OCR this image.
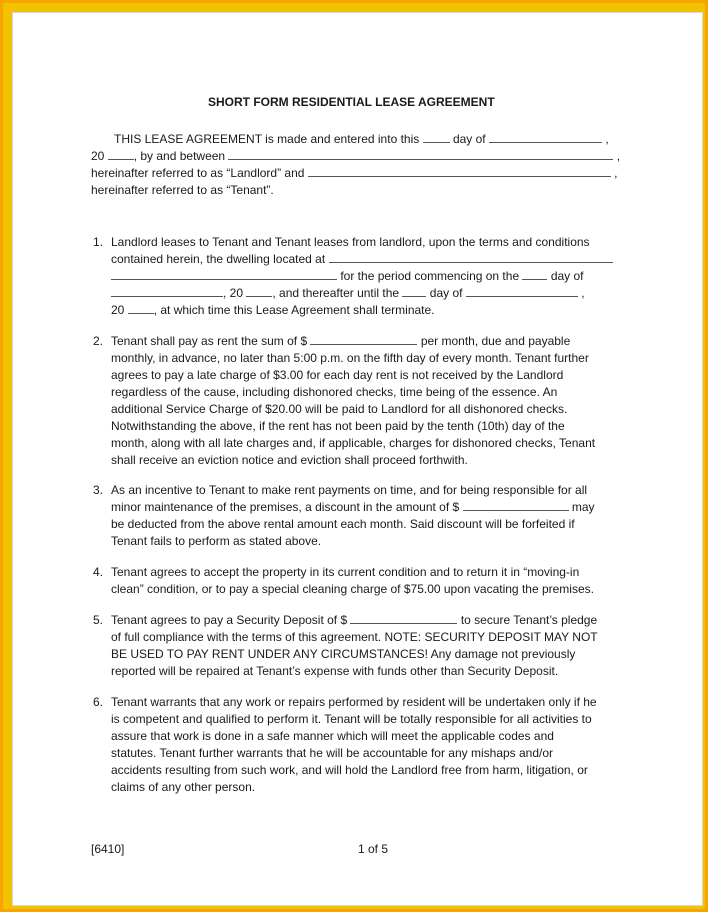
SHORT FORM RESIDENTIAL LEASE AGREEMENT
THIS LEASE AGREEMENT is made and entered into this	day of	,
20 , by and between	,
hereinafter referred to as “Landlord” and	,
hereinafter referred to as “Tenant”.
1. Landlord leases to Tenant and Tenant leases from landlord, upon the terms and conditions
contained herein, the dwelling located at
for the period commencing on the	day of
, 20 , and thereafter until the	day of	,
20 , at which time this Lease Agreement shall terminate.
2. Tenant shall pay as rent the sum of $	per month, due and payable
monthly, in advance, no later than 5:00 p.m. on the fifth day of every month. Tenant further
agrees to pay a late charge of $3.00 for each day rent is not received by the Landlord
regardless of the cause, including dishonored checks, time being of the essence. An
additional Service Charge of $20.00 will be paid to Landlord for all dishonored checks.
Notwithstanding the above, if the rent has not been paid by the tenth (10th) day of the
month, along with all late charges and, if applicable, charges for dishonored checks, Tenant
shall receive an eviction notice and eviction shall proceed forthwith.
3. As an incentive to Tenant to make rent payments on time, and for being responsible for all
minor maintenance of the premises, a discount in the amount of $	may
be deducted from the above rental amount each month. Said discount will be forfeited if
Tenant fails to perform as stated above.
4. Tenant agrees to accept the property in its current condition and to return it in “moving-in
clean” condition, or to pay a special cleaning charge of $75.00 upon vacating the premises.
5. Tenant agrees to pay a Security Deposit of $	to secure Tenant’s pledge
of full compliance with the terms of this agreement. NOTE: SECURITY DEPOSIT MAY NOT
BE USED TO PAY RENT UNDER ANY CIRCUMSTANCES! Any damage not previously
reported will be repaired at Tenant’s expense with funds other than Security Deposit.
6. Tenant warrants that any work or repairs performed by resident will be undertaken only if he
is competent and qualified to perform it. Tenant will be totally responsible for all activities to
assure that work is done in a safe manner which will meet the applicable codes and
statutes. Tenant further warrants that he will be accountable for any mishaps and/or
accidents resulting from such work, and will hold the Landlord free from harm, litigation, or
claims of any other person.
[6410]	1 of 5
